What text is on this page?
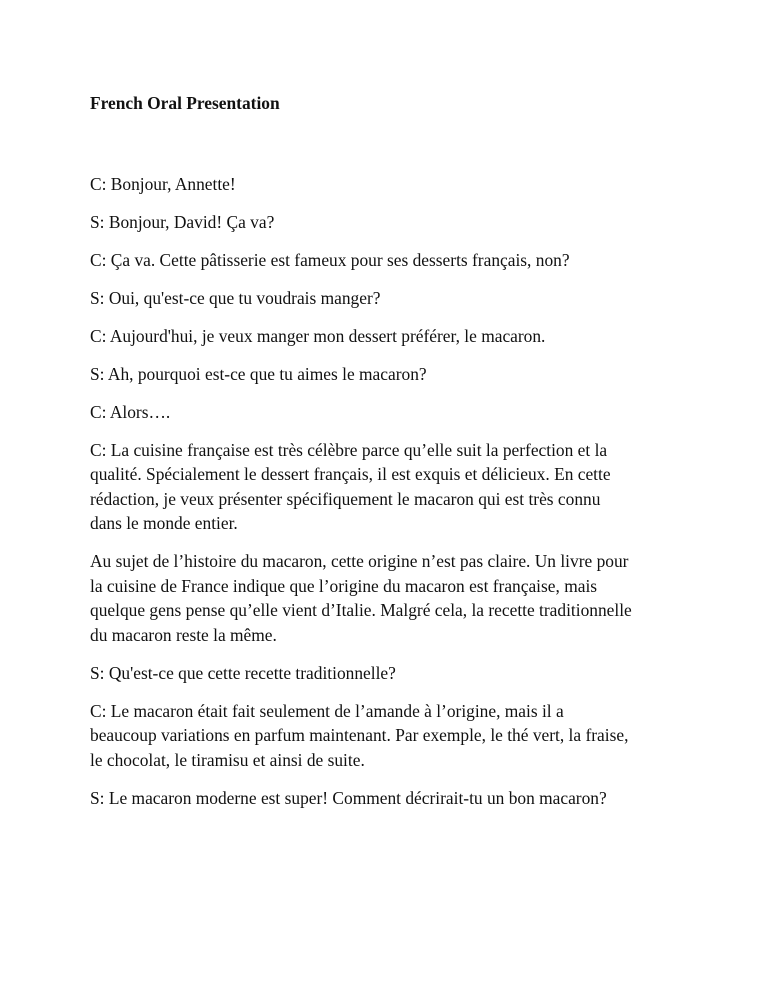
French Oral Presentation

C: Bonjour, Annette!

S: Bonjour, David! Ça va?

C: Ça va. Cette pâtisserie est fameux pour ses desserts français, non?

S: Oui, qu'est-ce que tu voudrais manger?

C: Aujourd'hui, je veux manger mon dessert préférer, le macaron.

S: Ah, pourquoi est-ce que tu aimes le macaron?

C: Alors….

C: La cuisine française est très célèbre parce qu’elle suit la perfection et la
qualité. Spécialement le dessert français, il est exquis et délicieux. En cette
rédaction, je veux présenter spécifiquement le macaron qui est très connu
dans le monde entier.

Au sujet de l’histoire du macaron, cette origine n’est pas claire. Un livre pour
la cuisine de France indique que l’origine du macaron est française, mais
quelque gens pense qu’elle vient d’Italie. Malgré cela, la recette traditionnelle
du macaron reste la même.

S: Qu'est-ce que cette recette traditionnelle?

C: Le macaron était fait seulement de l’amande à l’origine, mais il a
beaucoup variations en parfum maintenant. Par exemple, le thé vert, la fraise,
le chocolat, le tiramisu et ainsi de suite.

S: Le macaron moderne est super! Comment décrirait-tu un bon macaron?
